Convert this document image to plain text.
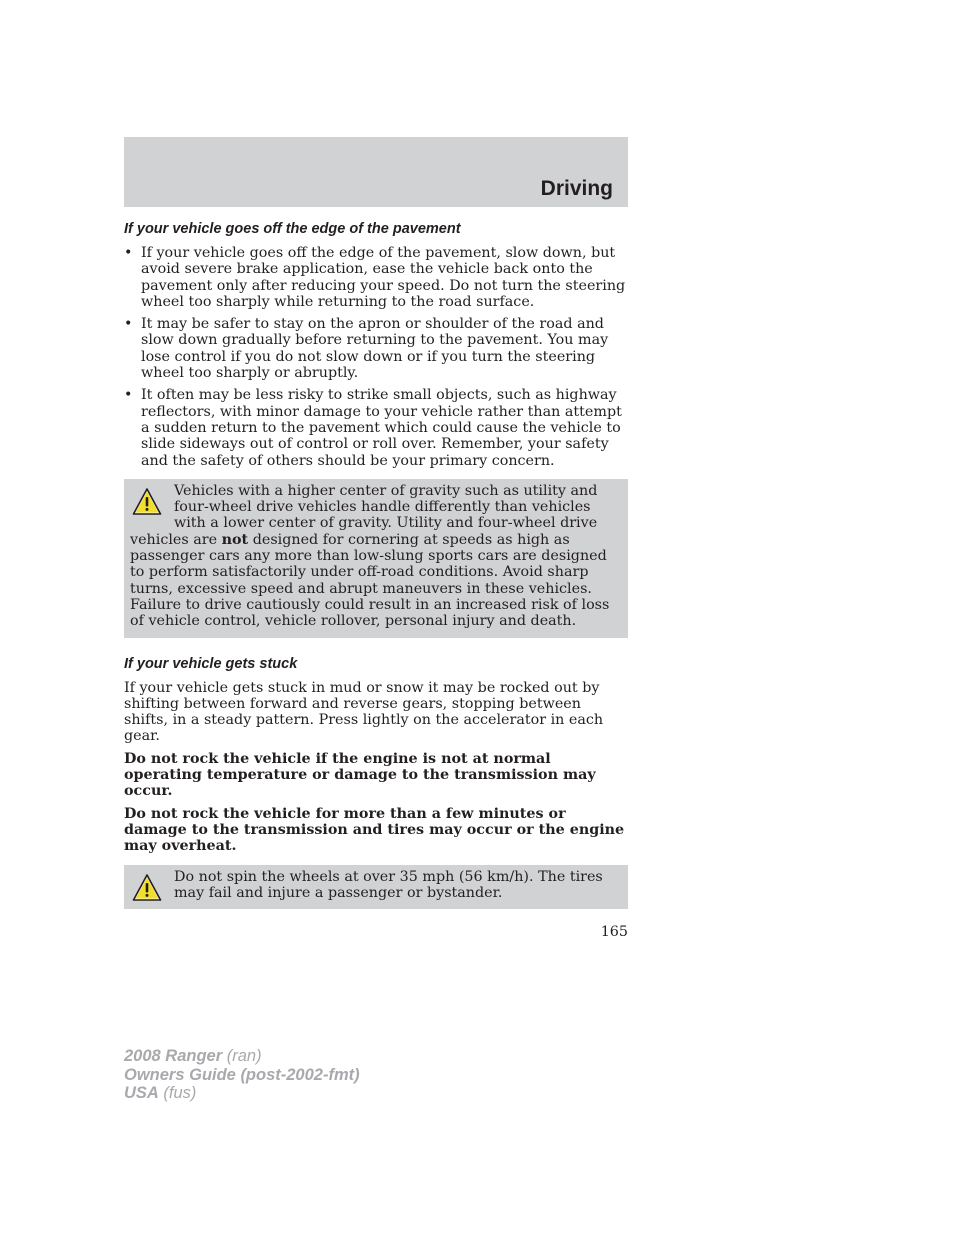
Driving
If your vehicle goes off the edge of the pavement
• If your vehicle goes off the edge of the pavement, slow down, but avoid severe brake application, ease the vehicle back onto the pavement only after reducing your speed. Do not turn the steering wheel too sharply while returning to the road surface.
• It may be safer to stay on the apron or shoulder of the road and slow down gradually before returning to the pavement. You may lose control if you do not slow down or if you turn the steering wheel too sharply or abruptly.
• It often may be less risky to strike small objects, such as highway reflectors, with minor damage to your vehicle rather than attempt a sudden return to the pavement which could cause the vehicle to slide sideways out of control or roll over. Remember, your safety and the safety of others should be your primary concern.

Vehicles with a higher center of gravity such as utility and four-wheel drive vehicles handle differently than vehicles with a lower center of gravity. Utility and four-wheel drive vehicles are not designed for cornering at speeds as high as passenger cars any more than low-slung sports cars are designed to perform satisfactorily under off-road conditions. Avoid sharp turns, excessive speed and abrupt maneuvers in these vehicles. Failure to drive cautiously could result in an increased risk of loss of vehicle control, vehicle rollover, personal injury and death.

If your vehicle gets stuck

If your vehicle gets stuck in mud or snow it may be rocked out by shifting between forward and reverse gears, stopping between shifts, in a steady pattern. Press lightly on the accelerator in each gear.

Do not rock the vehicle if the engine is not at normal operating temperature or damage to the transmission may occur.

Do not rock the vehicle for more than a few minutes or damage to the transmission and tires may occur or the engine may overheat.

Do not spin the wheels at over 35 mph (56 km/h). The tires may fail and injure a passenger or bystander.

165
2008 Ranger (ran)
Owners Guide (post-2002-fmt)
USA (fus)
